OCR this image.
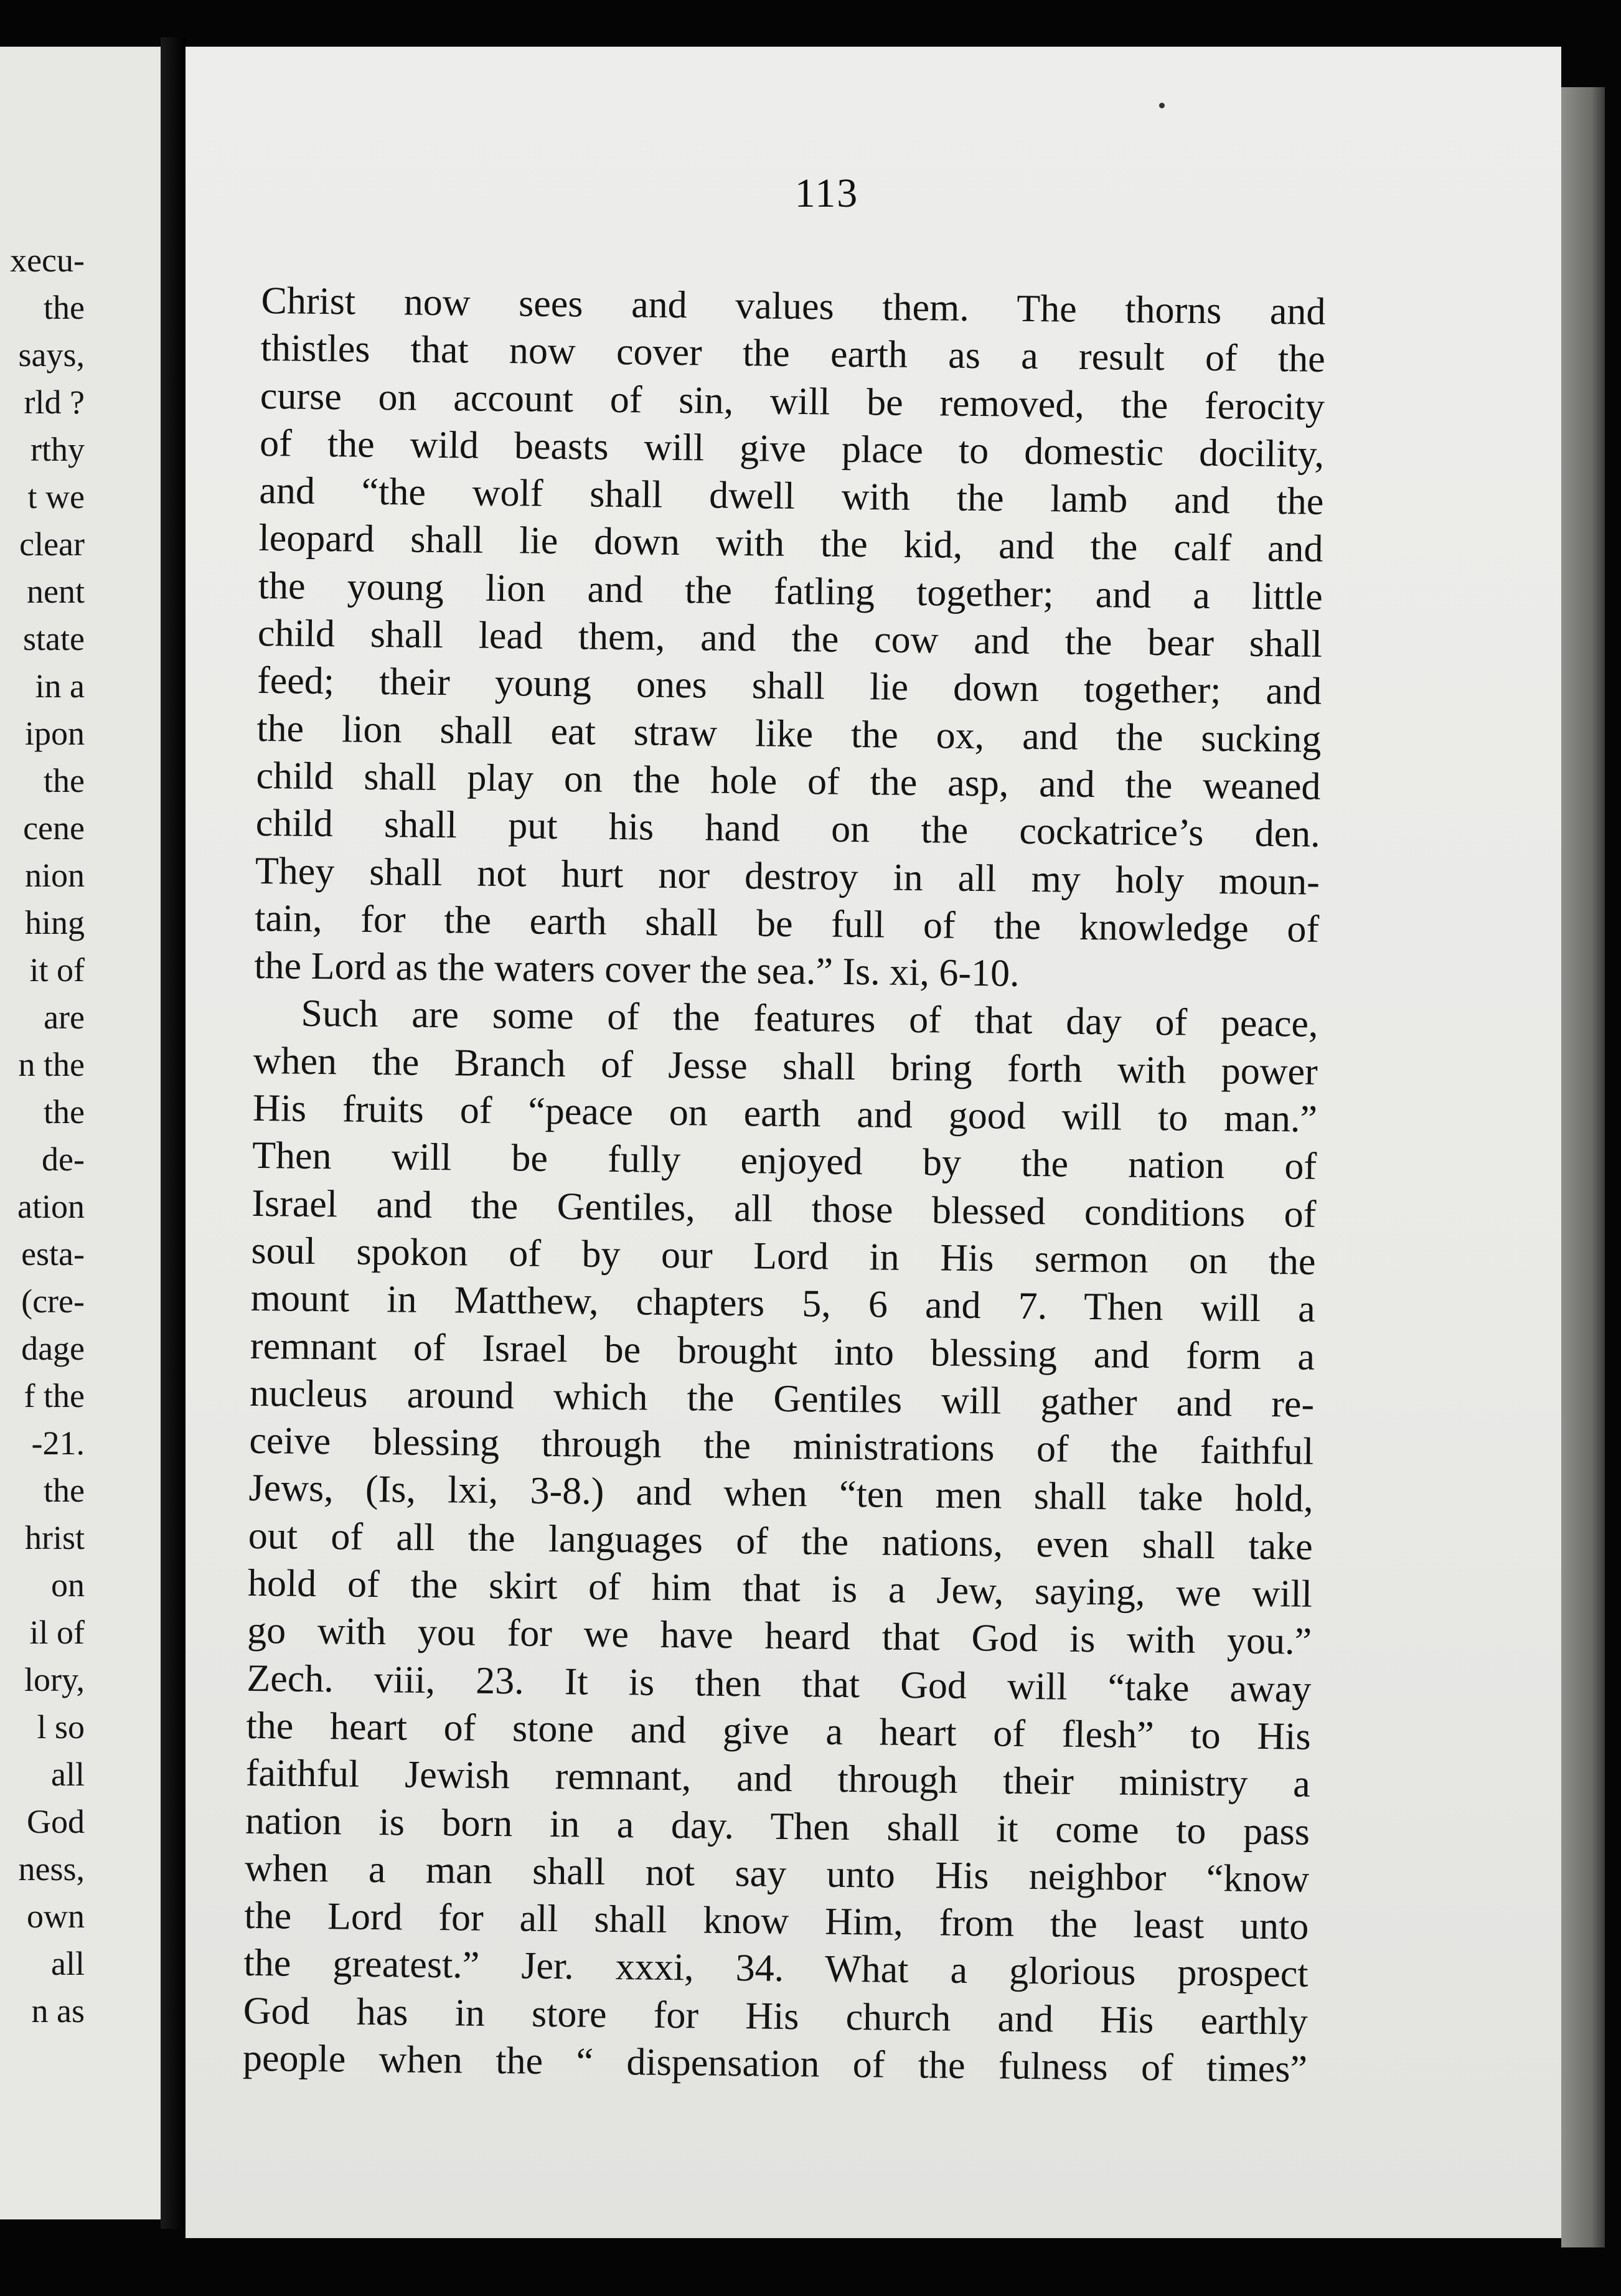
xecu-
the
says,
rld ?
rthy
t we
clear
nent
state
in a
ipon
the
cene
nion
hing
it of
are
n the
the
de-
ation
esta-
(cre-
dage
f the
-21.
the
hrist
on
il of
lory,
l so
all
God
ness,
own
all
n as
113
Christ now sees and values them. The thorns and
thistles that now cover the earth as a result of the
curse on account of sin, will be removed, the ferocity
of the wild beasts will give place to domestic docility,
and “the wolf shall dwell with the lamb and the
leopard shall lie down with the kid, and the calf and
the young lion and the fatling together; and a little
child shall lead them, and the cow and the bear shall
feed; their young ones shall lie down together; and
the lion shall eat straw like the ox, and the sucking
child shall play on the hole of the asp, and the weaned
child shall put his hand on the cockatrice’s den.
They shall not hurt nor destroy in all my holy moun-
tain, for the earth shall be full of the knowledge of
the Lord as the waters cover the sea.” Is. xi, 6-10.
Such are some of the features of that day of peace,
when the Branch of Jesse shall bring forth with power
His fruits of “peace on earth and good will to man.”
Then will be fully enjoyed by the nation of
Israel and the Gentiles, all those blessed conditions of
soul spokon of by our Lord in His sermon on the
mount in Matthew, chapters 5, 6 and 7. Then will a
remnant of Israel be brought into blessing and form a
nucleus around which the Gentiles will gather and re-
ceive blessing through the ministrations of the faithful
Jews, (Is, lxi, 3-8.) and when “ten men shall take hold,
out of all the languages of the nations, even shall take
hold of the skirt of him that is a Jew, saying, we will
go with you for we have heard that God is with you.”
Zech. viii, 23. It is then that God will “take away
the heart of stone and give a heart of flesh” to His
faithful Jewish remnant, and through their ministry a
nation is born in a day. Then shall it come to pass
when a man shall not say unto His neighbor “know
the Lord for all shall know Him, from the least unto
the greatest.” Jer. xxxi, 34. What a glorious prospect
God has in store for His church and His earthly
people when the “ dispensation of the fulness of times”
